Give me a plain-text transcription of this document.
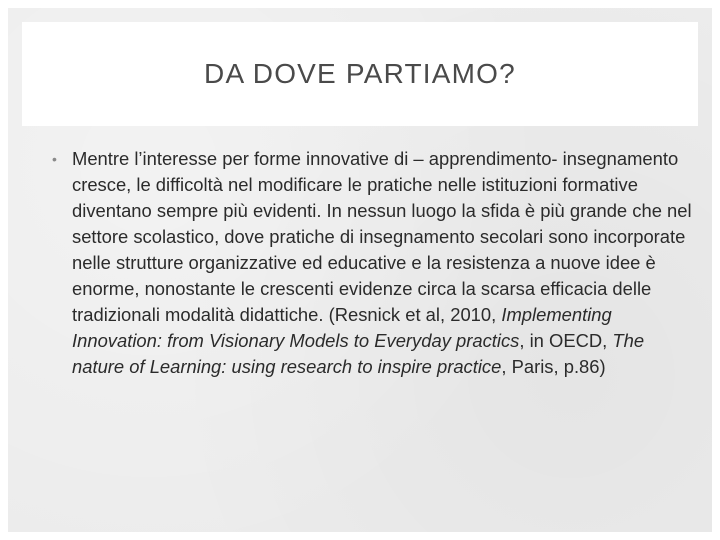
DA DOVE PARTIAMO?
• Mentre l’interesse per forme innovative di – apprendimento- insegnamento cresce, le difficoltà nel modificare le pratiche nelle istituzioni formative diventano sempre più evidenti. In nessun luogo la sfida è più grande che nel settore scolastico, dove pratiche di insegnamento secolari sono incorporate nelle strutture organizzative ed educative e la resistenza a nuove idee è enorme, nonostante le crescenti evidenze circa la scarsa efficacia delle tradizionali modalità didattiche. (Resnick et al, 2010, Implementing Innovation: from Visionary Models to Everyday practics, in OECD, The nature of Learning: using research to inspire practice, Paris, p.86)
